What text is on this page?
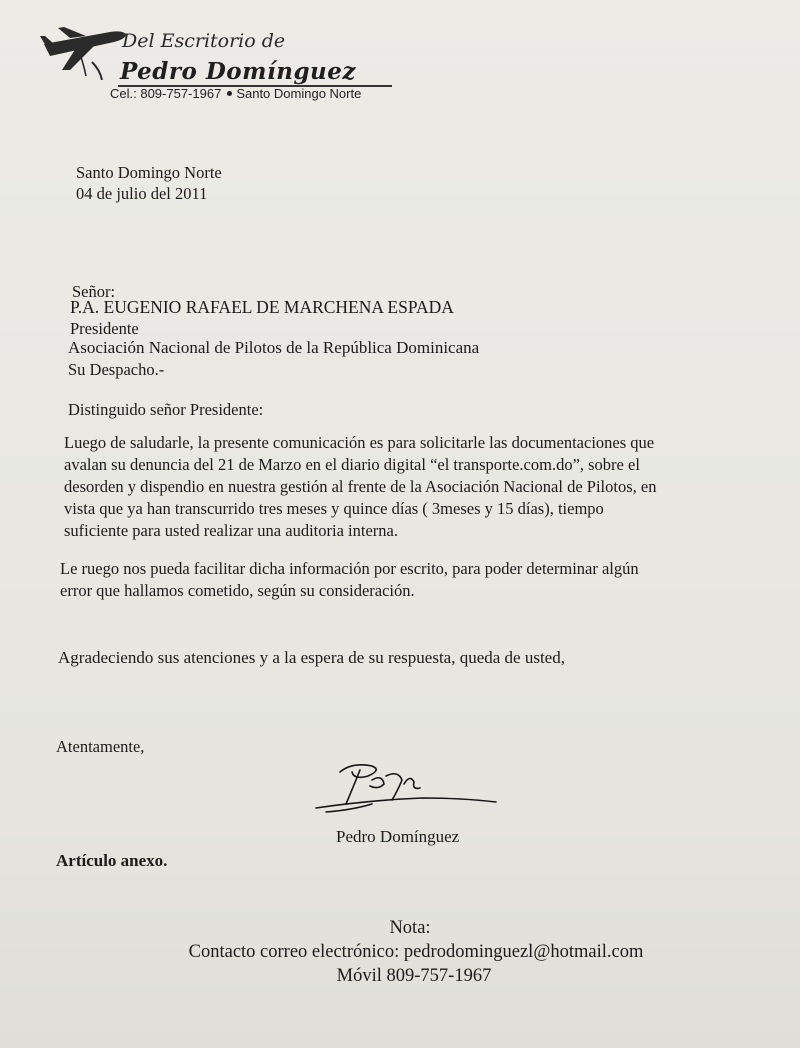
Del Escritorio de
Pedro Domínguez
Cel.: 809-757-1967 Santo Domingo Norte
Santo Domingo Norte
04 de julio del 2011
Señor:
P.A. EUGENIO RAFAEL DE MARCHENA ESPADA
Presidente
Asociación Nacional de Pilotos de la República Dominicana
Su Despacho.-
Distinguido señor Presidente:
Luego de saludarle, la presente comunicación es para solicitarle las documentaciones que
avalan su denuncia del 21 de Marzo en el diario digital “el transporte.com.do”, sobre el
desorden y dispendio en nuestra gestión al frente de la Asociación Nacional de Pilotos, en
vista que ya han transcurrido tres meses y quince días ( 3meses y 15 días), tiempo
suficiente para usted realizar una auditoria interna.
Le ruego nos pueda facilitar dicha información por escrito, para poder determinar algún
error que hallamos cometido, según su consideración.
Agradeciendo sus atenciones y a la espera de su respuesta, queda de usted,
Atentamente,
Pedro Domínguez
Artículo anexo.
Nota:
Contacto correo electrónico: pedrodominguezl@hotmail.com
Móvil 809-757-1967
